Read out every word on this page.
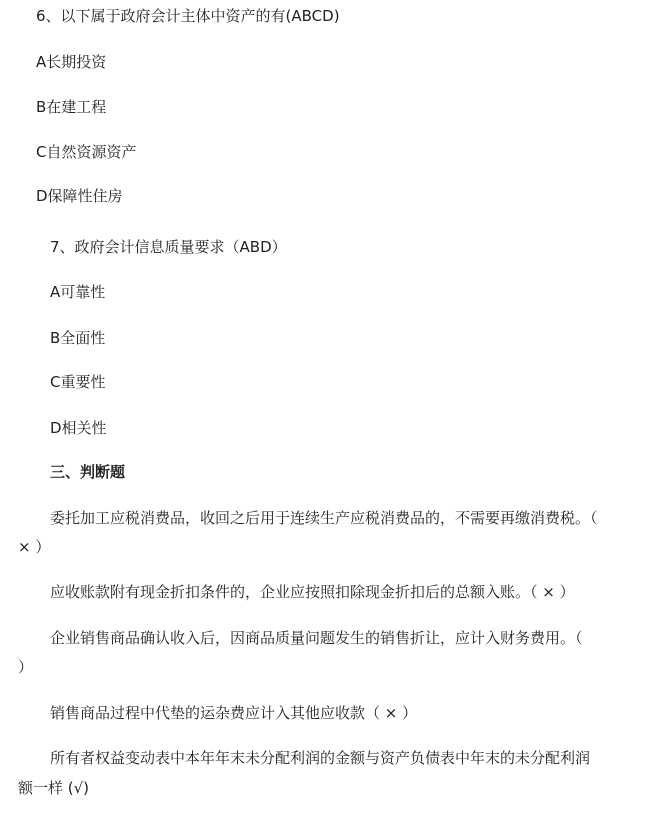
6、以下属于政府会计主体中资产的有(ABCD)
A长期投资
B在建工程
C自然资源资产
D保障性住房
7、政府会计信息质量要求（ABD）
A可靠性
B全面性
C重要性
D相关性
三、判断题
委托加工应税消费品，收回之后用于连续生产应税消费品的，不需要再缴消费税。（
× ）
应收账款附有现金折扣条件的，企业应按照扣除现金折扣后的总额入账。（ × ）
企业销售商品确认收入后，因商品质量问题发生的销售折让，应计入财务费用。（
）
销售商品过程中代垫的运杂费应计入其他应收款（ × ）
所有者权益变动表中本年年末未分配利润的金额与资产负债表中年末的未分配利润
额一样 (√)
